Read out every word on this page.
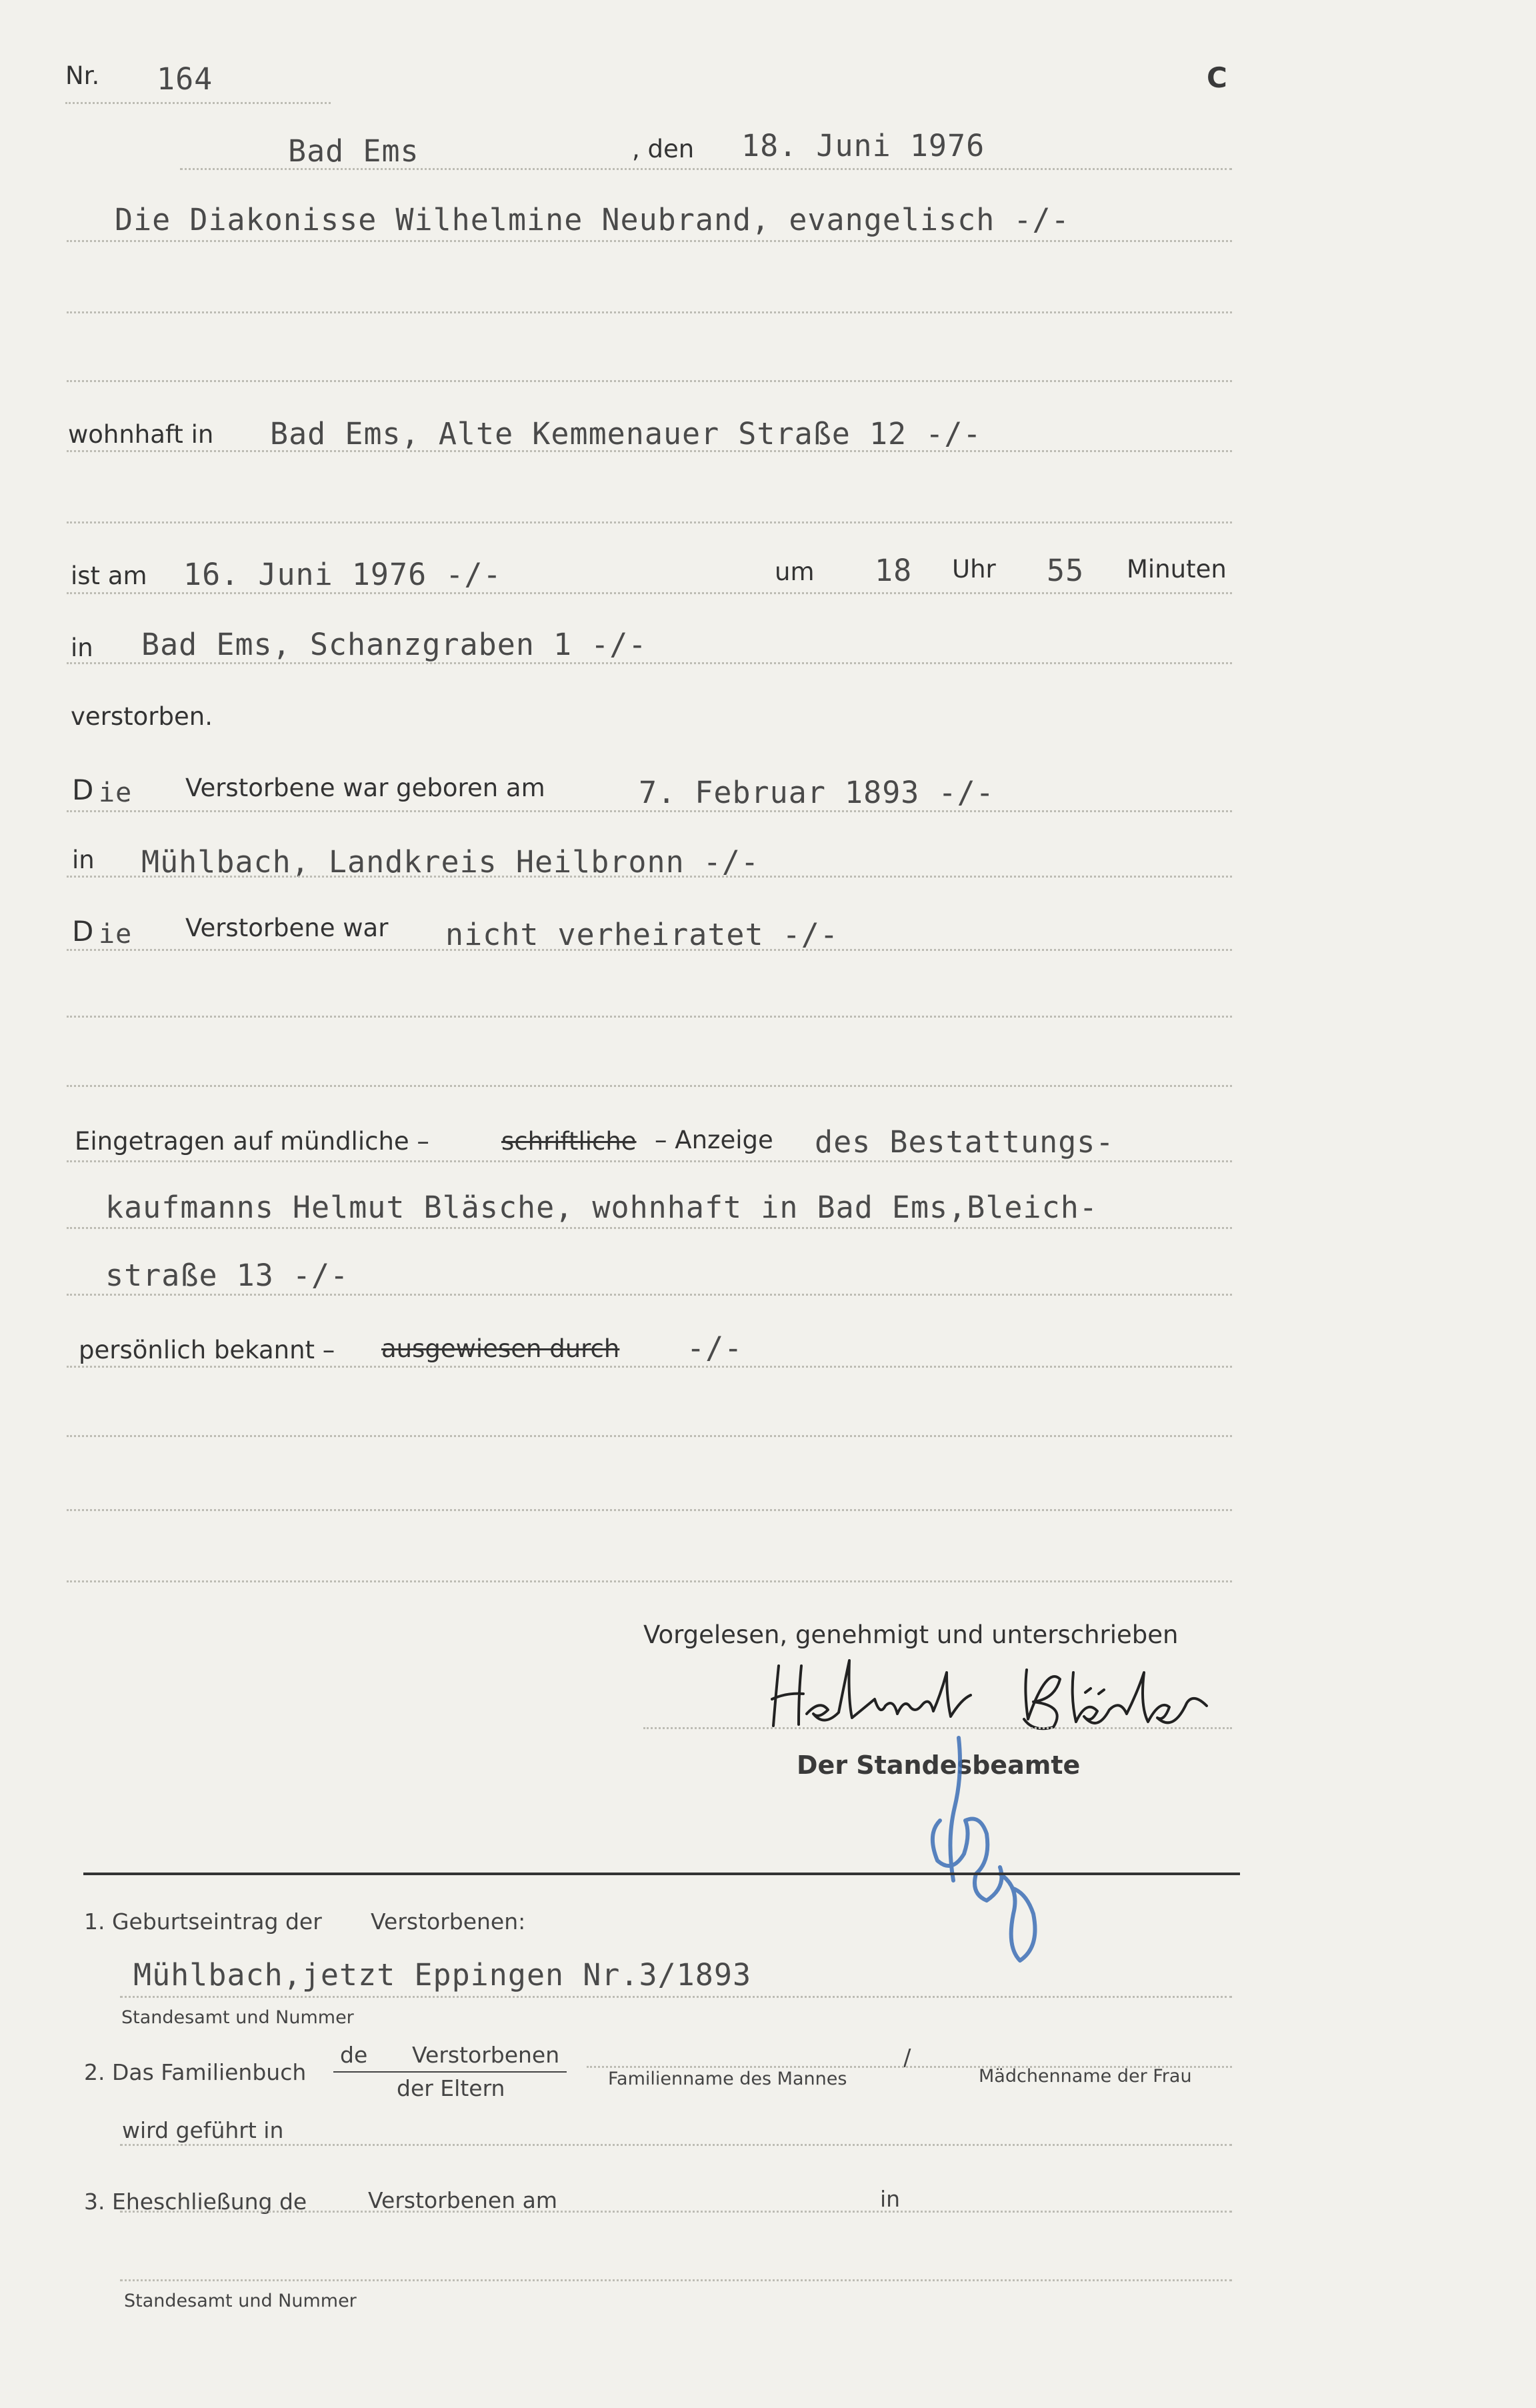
Nr. 164	C
Bad Ems	, den 18. Juni 1976
Die Diakonisse Wilhelmine Neubrand, evangelisch -/-
wohnhaft in Bad Ems, Alte Kemmenauer Straße 12 -/-
ist am 16. Juni 1976 -/-	um 18 Uhr 55 Minuten
in Bad Ems, Schanzgraben 1 -/-
verstorben.
D ie Verstorbene war geboren am	7. Februar 1893 -/-
in Mühlbach, Landkreis Heilbronn -/-
D ie Verstorbene war nicht verheiratet -/-
Eingetragen auf mündliche –	schriftliche – Anzeige des Bestattungs-
kaufmanns Helmut Bläsche, wohnhaft in Bad Ems,Bleich-
straße 13 -/-
persönlich bekannt – ausgewiesen durch -/-
Vorgelesen, genehmigt und unterschrieben
Der Standesbeamte
1. Geburtseintrag der Verstorbenen:
Mühlbach,jetzt Eppingen Nr.3/1893
Standesamt und Nummer
2. Das Familienbuch
de Verstorbenen
der Eltern	Familienname des Mannes
/
Mädchenname der Frau
wird geführt in
3. Eheschließung de	Verstorbenen am	in
Standesamt und Nummer
